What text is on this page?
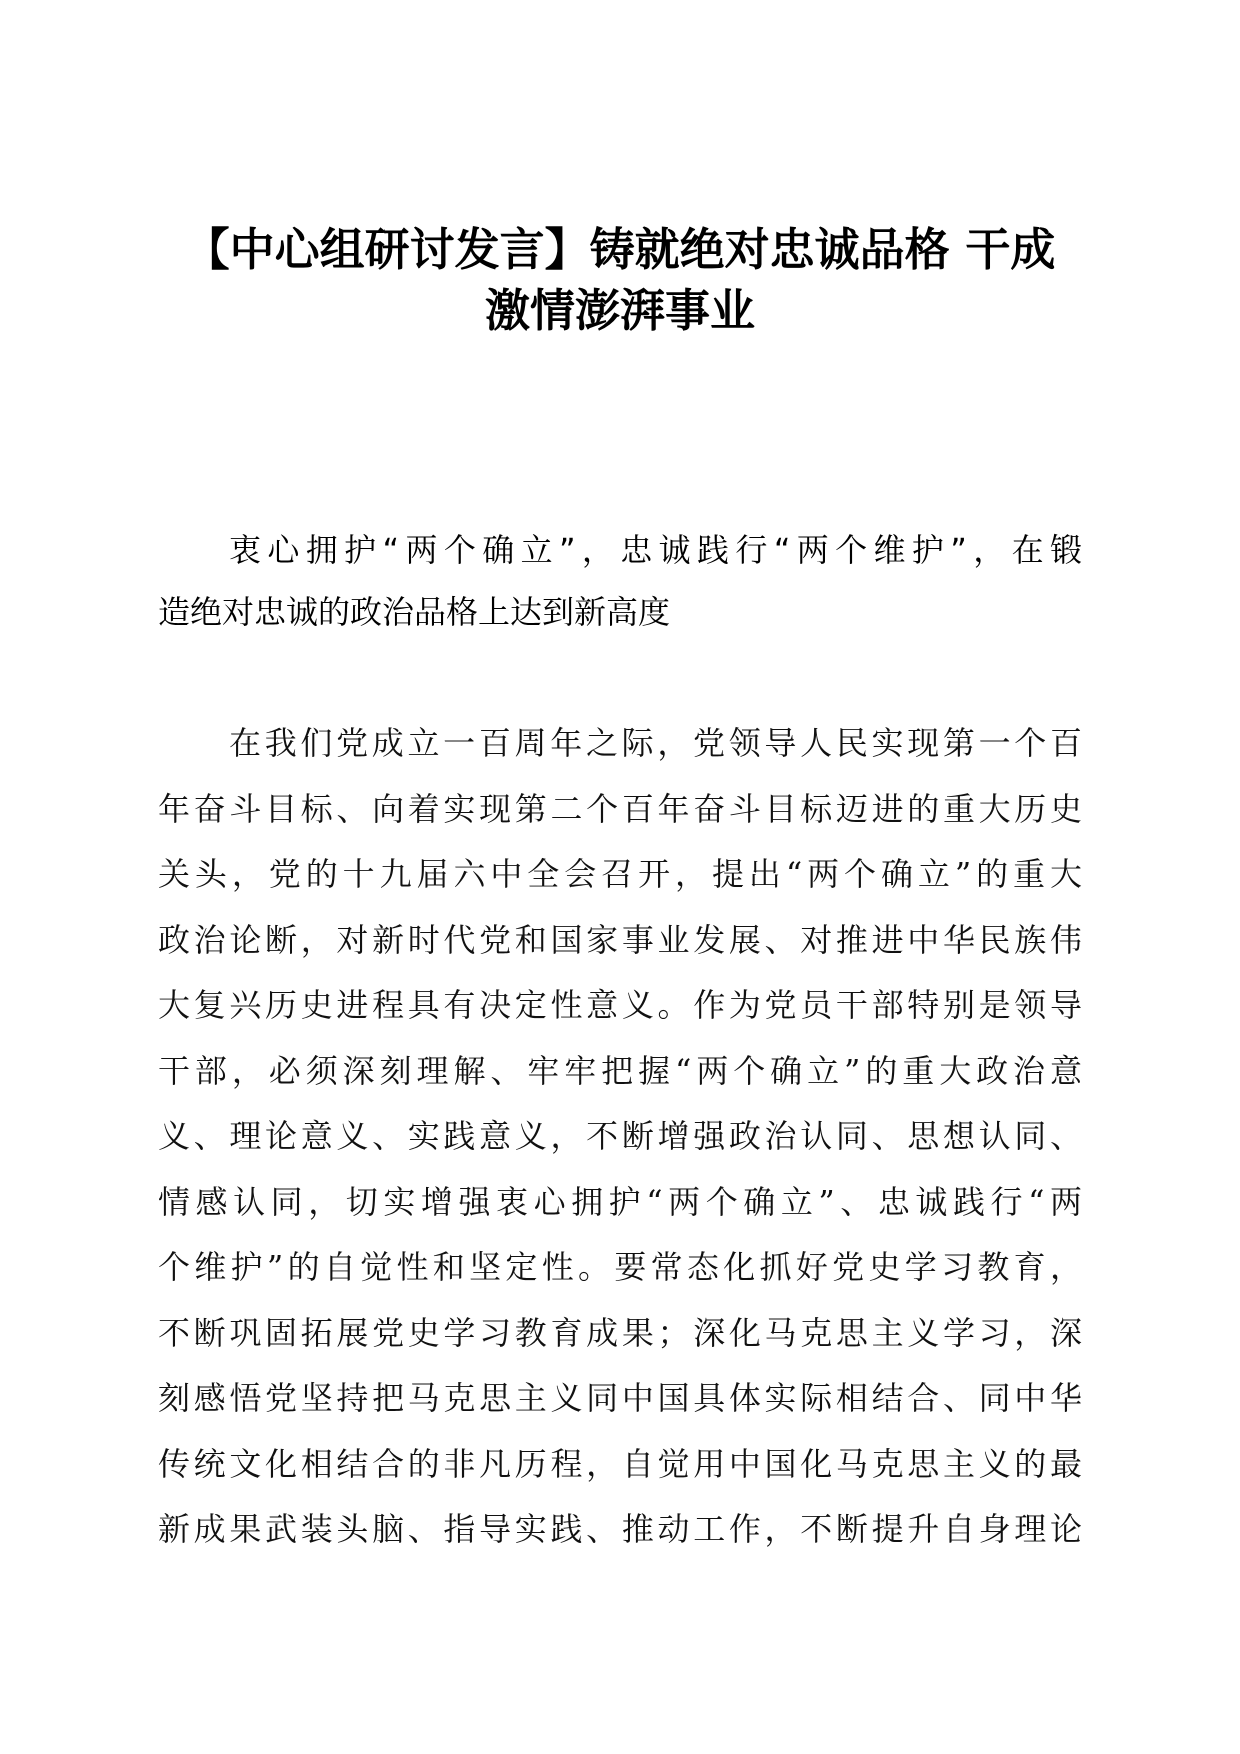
【中心组研讨发言】铸就绝对忠诚品格 干成
激情澎湃事业
衷心拥护“两个确立”，忠诚践行“两个维护”，在锻
造绝对忠诚的政治品格上达到新高度
在我们党成立一百周年之际，党领导人民实现第一个百
年奋斗目标、向着实现第二个百年奋斗目标迈进的重大历史
关头，党的十九届六中全会召开，提出“两个确立”的重大
政治论断，对新时代党和国家事业发展、对推进中华民族伟
大复兴历史进程具有决定性意义。作为党员干部特别是领导
干部，必须深刻理解、牢牢把握“两个确立”的重大政治意
义、理论意义、实践意义，不断增强政治认同、思想认同、
情感认同，切实增强衷心拥护“两个确立”、忠诚践行“两
个维护”的自觉性和坚定性。要常态化抓好党史学习教育，
不断巩固拓展党史学习教育成果；深化马克思主义学习，深
刻感悟党坚持把马克思主义同中国具体实际相结合、同中华
传统文化相结合的非凡历程，自觉用中国化马克思主义的最
新成果武装头脑、指导实践、推动工作，不断提升自身理论
